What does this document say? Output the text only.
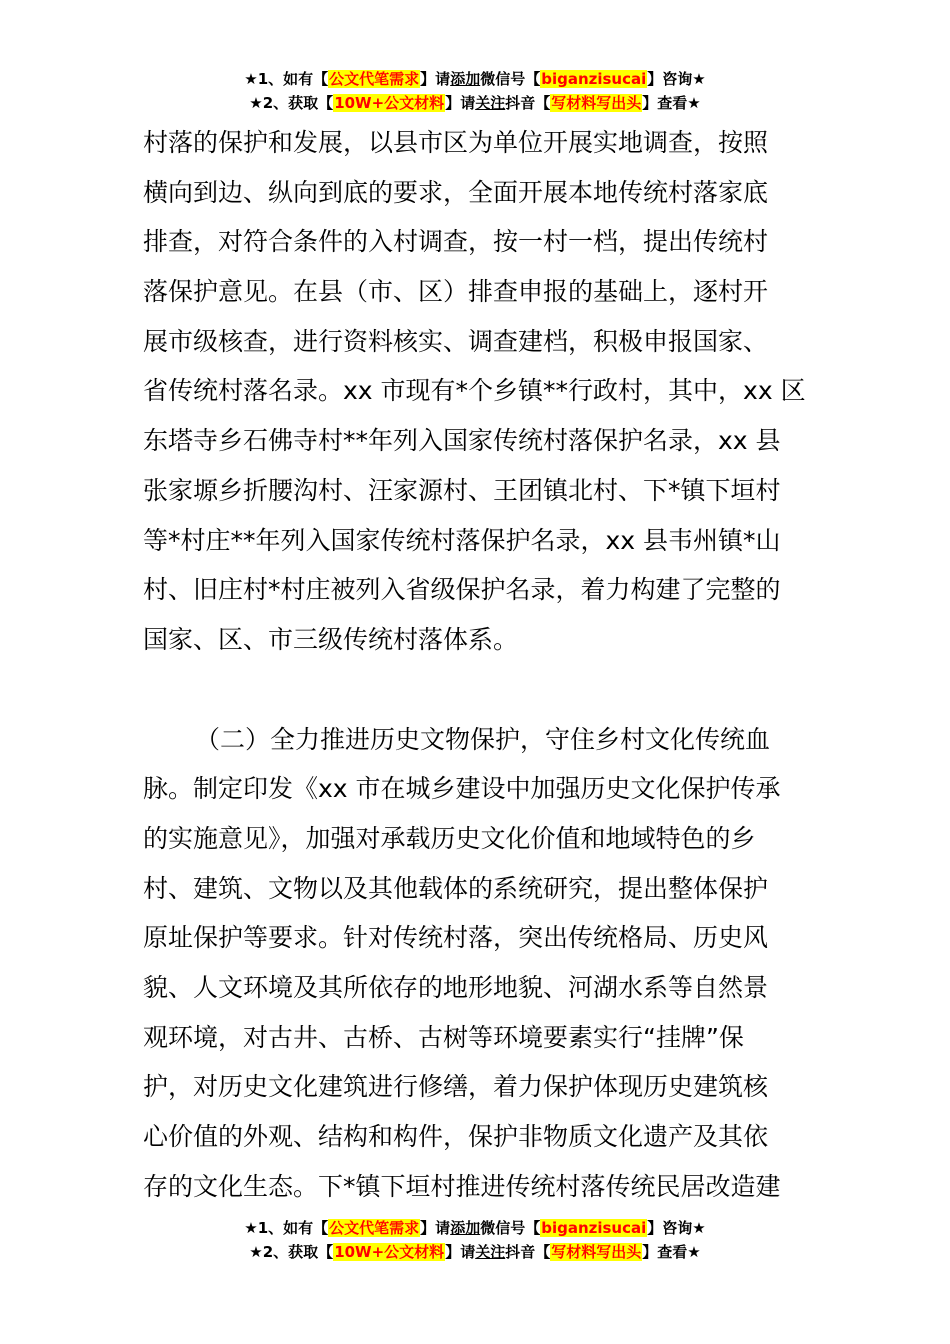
★1、如有【公文代笔需求】请添加微信号【biganzisucai】咨询★
★2、获取【10W+公文材料】请关注抖音【写材料写出头】查看★
村落的保护和发展，以县市区为单位开展实地调查，按照
横向到边、纵向到底的要求，全面开展本地传统村落家底
排查，对符合条件的入村调查，按一村一档，提出传统村
落保护意见。在县（市、区）排查申报的基础上，逐村开
展市级核查，进行资料核实、调查建档，积极申报国家、
省传统村落名录。xx 市现有*个乡镇**行政村，其中，xx 区
东塔寺乡石佛寺村**年列入国家传统村落保护名录，xx 县
张家塬乡折腰沟村、汪家源村、王团镇北村、下*镇下垣村
等*村庄**年列入国家传统村落保护名录，xx 县韦州镇*山
村、旧庄村*村庄被列入省级保护名录，着力构建了完整的
国家、区、市三级传统村落体系。
（二）全力推进历史文物保护，守住乡村文化传统血
脉。制定印发《xx 市在城乡建设中加强历史文化保护传承
的实施意见》，加强对承载历史文化价值和地域特色的乡
村、建筑、文物以及其他载体的系统研究，提出整体保护
原址保护等要求。针对传统村落，突出传统格局、历史风
貌、人文环境及其所依存的地形地貌、河湖水系等自然景
观环境，对古井、古桥、古树等环境要素实行“挂牌”保
护，对历史文化建筑进行修缮，着力保护体现历史建筑核
心价值的外观、结构和构件，保护非物质文化遗产及其依
存的文化生态。下*镇下垣村推进传统村落传统民居改造建
★1、如有【公文代笔需求】请添加微信号【biganzisucai】咨询★
★2、获取【10W+公文材料】请关注抖音【写材料写出头】查看★
